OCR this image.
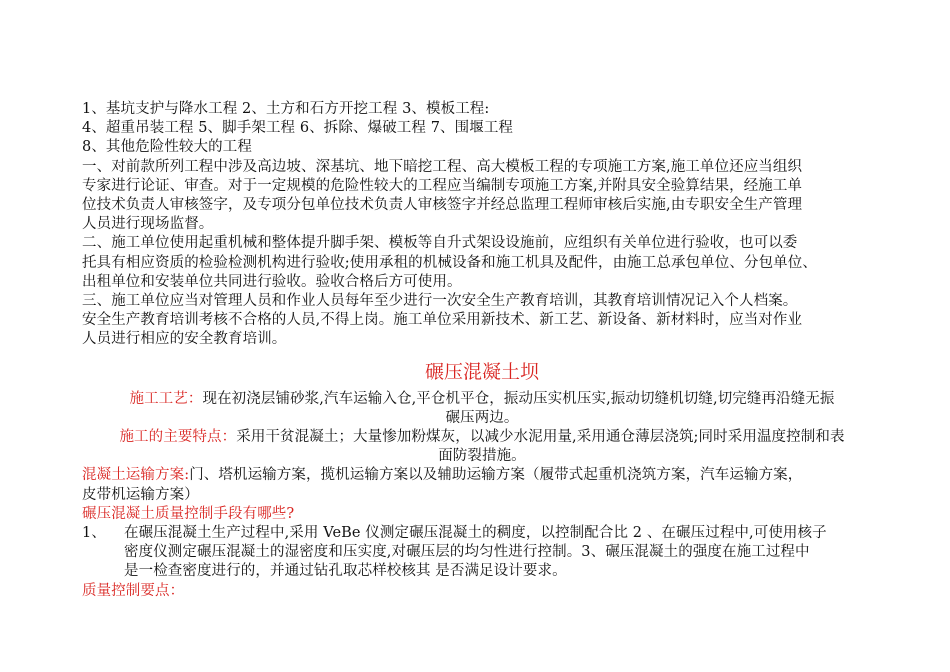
1、基坑支护与降水工程 2、土方和石方开挖工程 3、模板工程:
4、超重吊装工程 5、脚手架工程 6、拆除、爆破工程 7、围堰工程
8、其他危险性较大的工程
一、对前款所列工程中涉及高边坡、深基坑、地下暗挖工程、高大模板工程的专项施工方案,施工单位还应当组织
专家进行论证、审查。对于一定规模的危险性较大的工程应当编制专项施工方案,并附具安全验算结果，经施工单
位技术负责人审核签字，及专项分包单位技术负责人审核签字并经总监理工程师审核后实施,由专职安全生产管理
人员进行现场监督。
二、施工单位使用起重机械和整体提升脚手架、模板等自升式架设设施前，应组织有关单位进行验收，也可以委
托具有相应资质的检验检测机构进行验收;使用承租的机械设备和施工机具及配件，由施工总承包单位、分包单位、
出租单位和安装单位共同进行验收。验收合格后方可使用。
三、施工单位应当对管理人员和作业人员每年至少进行一次安全生产教育培训，其教育培训情况记入个人档案。
安全生产教育培训考核不合格的人员,不得上岗。施工单位采用新技术、新工艺、新设备、新材料时，应当对作业
人员进行相应的安全教育培训。
碾压混凝土坝
施工工艺：现在初浇层铺砂浆,汽车运输入仓,平仓机平仓，振动压实机压实,振动切缝机切缝,切完缝再沿缝无振
碾压两边。
施工的主要特点：采用干贫混凝土；大量惨加粉煤灰，以减少水泥用量,采用通仓薄层浇筑;同时采用温度控制和表
面防裂措施。
混凝土运输方案:门、塔机运输方案，揽机运输方案以及辅助运输方案（履带式起重机浇筑方案，汽车运输方案，
皮带机运输方案）
碾压混凝土质量控制手段有哪些?
1、 在碾压混凝土生产过程中,采用 VeBe 仪测定碾压混凝土的稠度，以控制配合比 2 、在碾压过程中,可使用核子
密度仪测定碾压混凝土的湿密度和压实度,对碾压层的均匀性进行控制。3、碾压混凝土的强度在施工过程中
是一检查密度进行的，并通过钻孔取芯样校核其 是否满足设计要求。
质量控制要点：
